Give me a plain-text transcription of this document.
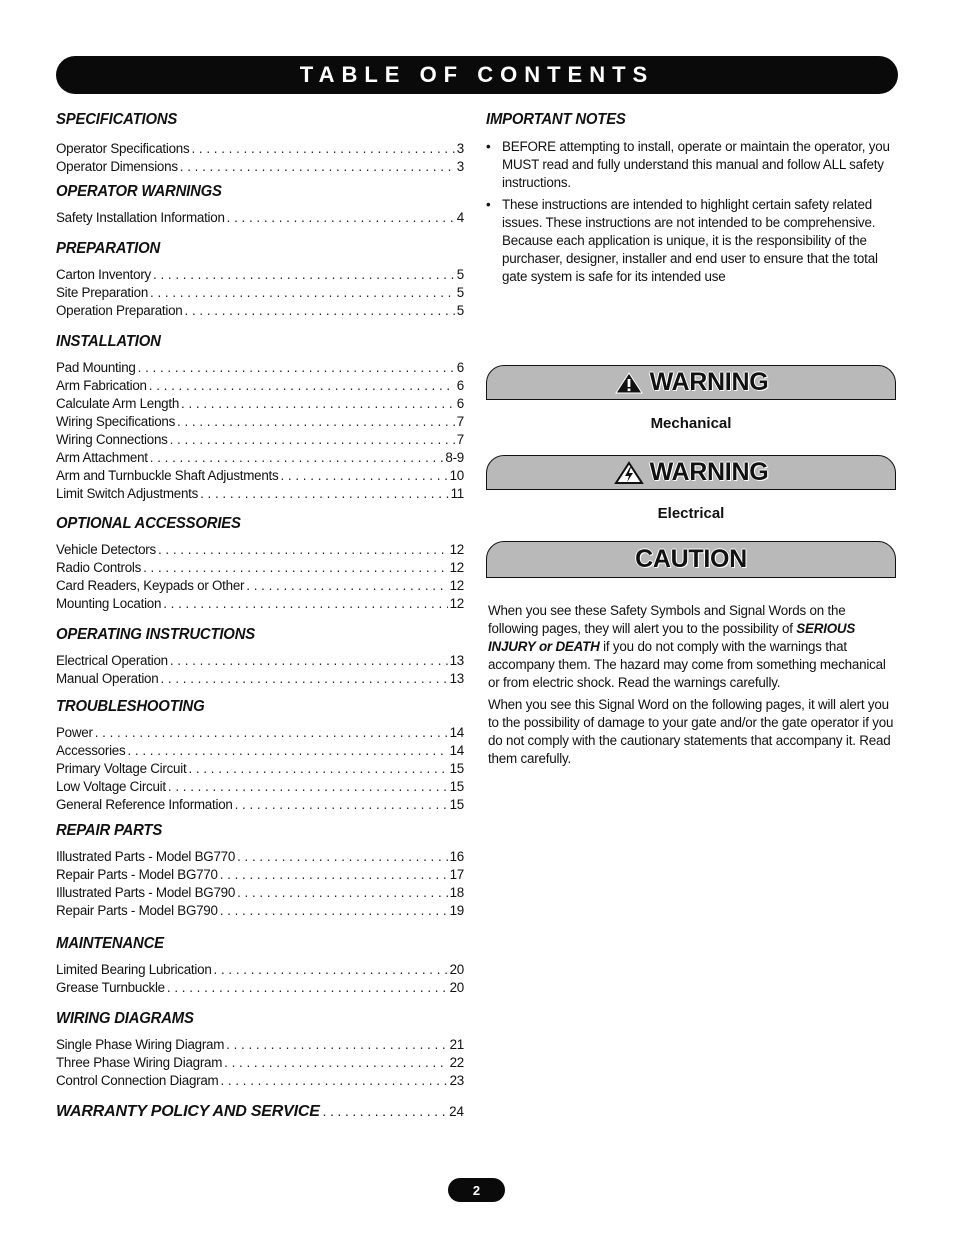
TABLE OF CONTENTS
SPECIFICATIONS
Operator Specifications . . .	3
Operator Dimensions . . .	3
OPERATOR WARNINGS
Safety Installation Information . . .	4
PREPARATION
Carton Inventory . . .	5
Site Preparation . . .	5
Operation Preparation . . .	5
INSTALLATION
Pad Mounting . . .	6
Arm Fabrication . . .	6
Calculate Arm Length . . .	6
Wiring Specifications . . .	7
Wiring Connections . . .	7
Arm Attachment . . .	8-9
Arm and Turnbuckle Shaft Adjustments . . .	10
Limit Switch Adjustments . . .	11
OPTIONAL ACCESSORIES
Vehicle Detectors . . .	12
Radio Controls . . .	12
Card Readers, Keypads or Other . . .	12
Mounting Location . . .	12
OPERATING INSTRUCTIONS
Electrical Operation . . .	13
Manual Operation . . .	13
TROUBLESHOOTING
Power . . .	14
Accessories . . .	14
Primary Voltage Circuit . . .	15
Low Voltage Circuit . . .	15
General Reference Information . . .	15
REPAIR PARTS
Illustrated Parts - Model BG770 . . .	16
Repair Parts - Model BG770 . . .	17
Illustrated Parts - Model BG790 . . .	18
Repair Parts - Model BG790 . . .	19
MAINTENANCE
Limited Bearing Lubrication . . .	20
Grease Turnbuckle . . .	20
WIRING DIAGRAMS
Single Phase Wiring Diagram . . .	21
Three Phase Wiring Diagram . . .	22
Control Connection Diagram . . .	23
WARRANTY POLICY AND SERVICE . . .	24
IMPORTANT NOTES
• BEFORE attempting to install, operate or maintain the operator, you MUST read and fully understand this manual and follow ALL safety instructions.
• These instructions are intended to highlight certain safety related issues. These instructions are not intended to be comprehensive. Because each application is unique, it is the responsibility of the purchaser, designer, installer and end user to ensure that the total gate system is safe for its intended use
WARNING
Mechanical
WARNING
Electrical
CAUTION

When you see these Safety Symbols and Signal Words on the following pages, they will alert you to the possibility of SERIOUS INJURY or DEATH if you do not comply with the warnings that accompany them. The hazard may come from something mechanical or from electric shock. Read the warnings carefully.

When you see this Signal Word on the following pages, it will alert you to the possibility of damage to your gate and/or the gate operator if you do not comply with the cautionary statements that accompany it. Read them carefully.

2
